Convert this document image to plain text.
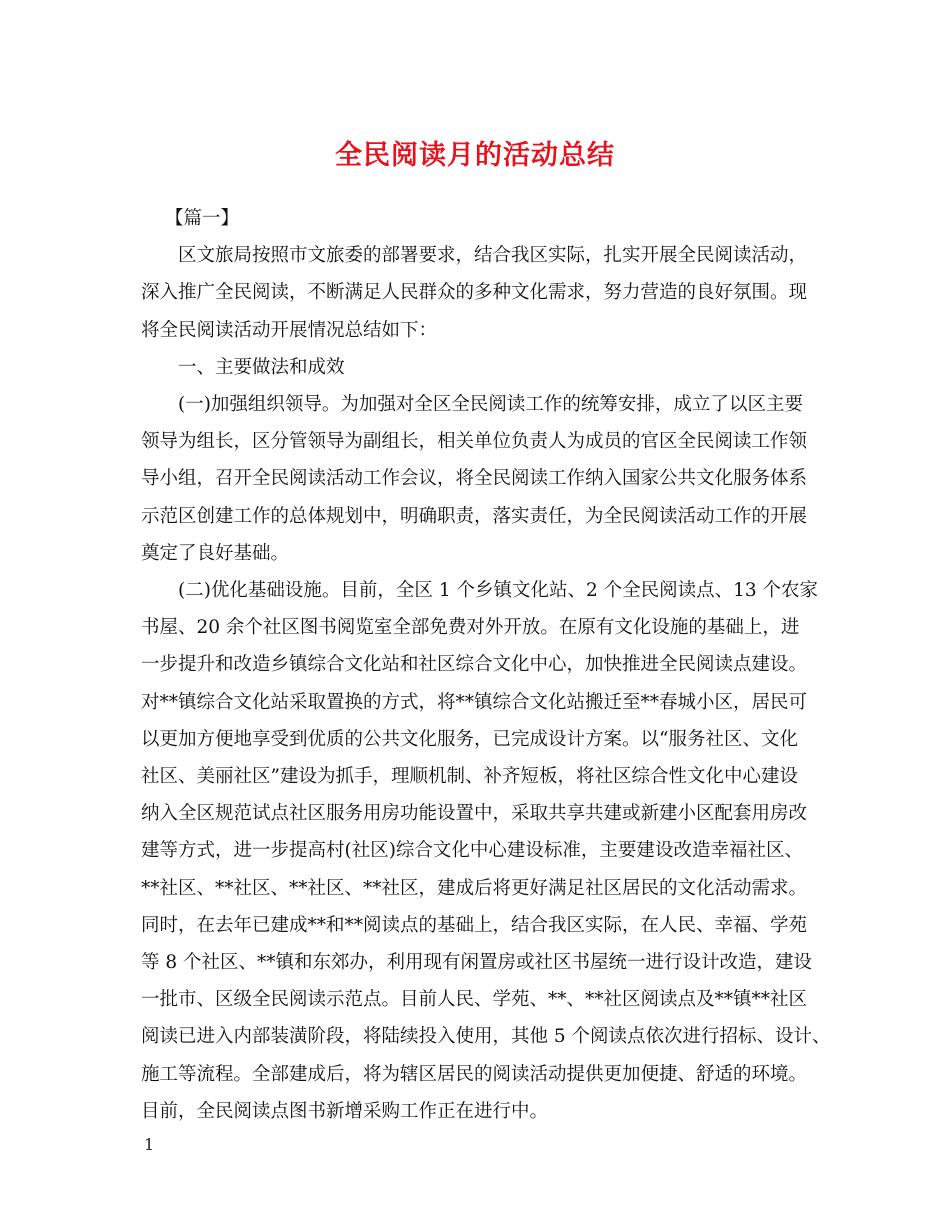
全民阅读月的活动总结
【篇一】
区文旅局按照市文旅委的部署要求，结合我区实际，扎实开展全民阅读活动，
深入推广全民阅读，不断满足人民群众的多种文化需求，努力营造的良好氛围。现
将全民阅读活动开展情况总结如下：
一、主要做法和成效
(一)加强组织领导。为加强对全区全民阅读工作的统筹安排，成立了以区主要
领导为组长，区分管领导为副组长，相关单位负责人为成员的官区全民阅读工作领
导小组，召开全民阅读活动工作会议，将全民阅读工作纳入国家公共文化服务体系
示范区创建工作的总体规划中，明确职责，落实责任，为全民阅读活动工作的开展
奠定了良好基础。
(二)优化基础设施。目前，全区 1 个乡镇文化站、2 个全民阅读点、13 个农家
书屋、20 余个社区图书阅览室全部免费对外开放。在原有文化设施的基础上，进
一步提升和改造乡镇综合文化站和社区综合文化中心，加快推进全民阅读点建设。
对**镇综合文化站采取置换的方式，将**镇综合文化站搬迁至**春城小区，居民可
以更加方便地享受到优质的公共文化服务，已完成设计方案。以“服务社区、文化
社区、美丽社区”建设为抓手，理顺机制、补齐短板，将社区综合性文化中心建设
纳入全区规范试点社区服务用房功能设置中，采取共享共建或新建小区配套用房改
建等方式，进一步提高村(社区)综合文化中心建设标准，主要建设改造幸福社区、
**社区、**社区、**社区、**社区，建成后将更好满足社区居民的文化活动需求。
同时，在去年已建成**和**阅读点的基础上，结合我区实际，在人民、幸福、学苑
等 8 个社区、**镇和东郊办，利用现有闲置房或社区书屋统一进行设计改造，建设
一批市、区级全民阅读示范点。目前人民、学苑、**、**社区阅读点及**镇**社区
阅读已进入内部装潢阶段，将陆续投入使用，其他 5 个阅读点依次进行招标、设计、
施工等流程。全部建成后，将为辖区居民的阅读活动提供更加便捷、舒适的环境。
目前，全民阅读点图书新增采购工作正在进行中。
1
